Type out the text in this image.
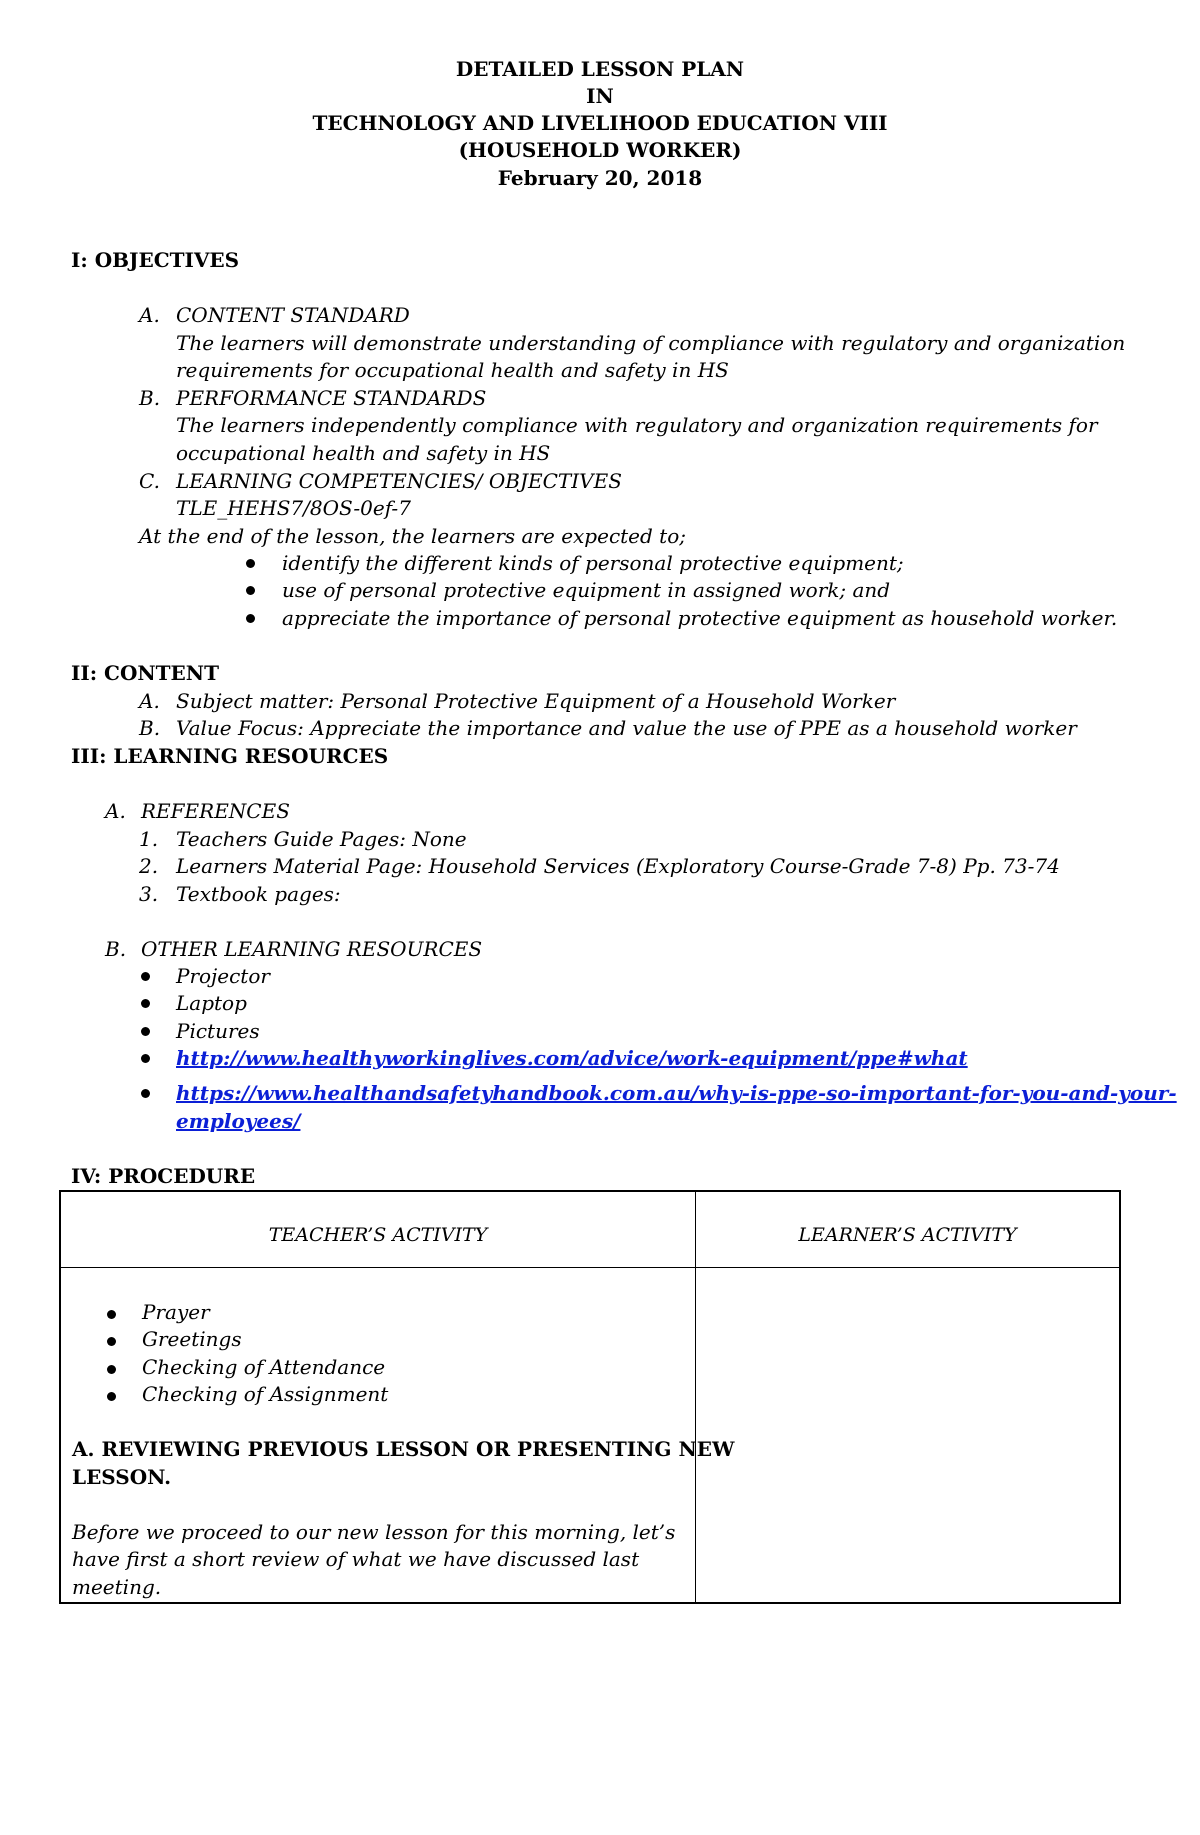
DETAILED LESSON PLAN
IN
TECHNOLOGY AND LIVELIHOOD EDUCATION VIII
(HOUSEHOLD WORKER)
February 20, 2018
I: OBJECTIVES
A. CONTENT STANDARD
The learners will demonstrate understanding of compliance with regulatory and organization
requirements for occupational health and safety in HS
B. PERFORMANCE STANDARDS
The learners independently compliance with regulatory and organization requirements for
occupational health and safety in HS
C. LEARNING COMPETENCIES/ OBJECTIVES
TLE_HEHS7/8OS-0ef-7
At the end of the lesson, the learners are expected to;
identify the different kinds of personal protective equipment;
use of personal protective equipment in assigned work; and
appreciate the importance of personal protective equipment as household worker.
II: CONTENT
A. Subject matter: Personal Protective Equipment of a Household Worker
B. Value Focus: Appreciate the importance and value the use of PPE as a household worker
III: LEARNING RESOURCES
A. REFERENCES
1. Teachers Guide Pages: None
2. Learners Material Page: Household Services (Exploratory Course-Grade 7-8) Pp. 73-74
3. Textbook pages:
B. OTHER LEARNING RESOURCES
Projector
Laptop
Pictures
http://www.healthyworkinglives.com/advice/work-equipment/ppe#what
https://www.healthandsafetyhandbook.com.au/why-is-ppe-so-important-for-you-and-your-
employees/
IV: PROCEDURE
TEACHER’S ACTIVITY	LEARNER’S ACTIVITY
Prayer
Greetings
Checking of Attendance
Checking of Assignment
A. REVIEWING PREVIOUS LESSON OR PRESENTING NEW
LESSON.
Before we proceed to our new lesson for this morning, let’s
have first a short review of what we have discussed last
meeting.
